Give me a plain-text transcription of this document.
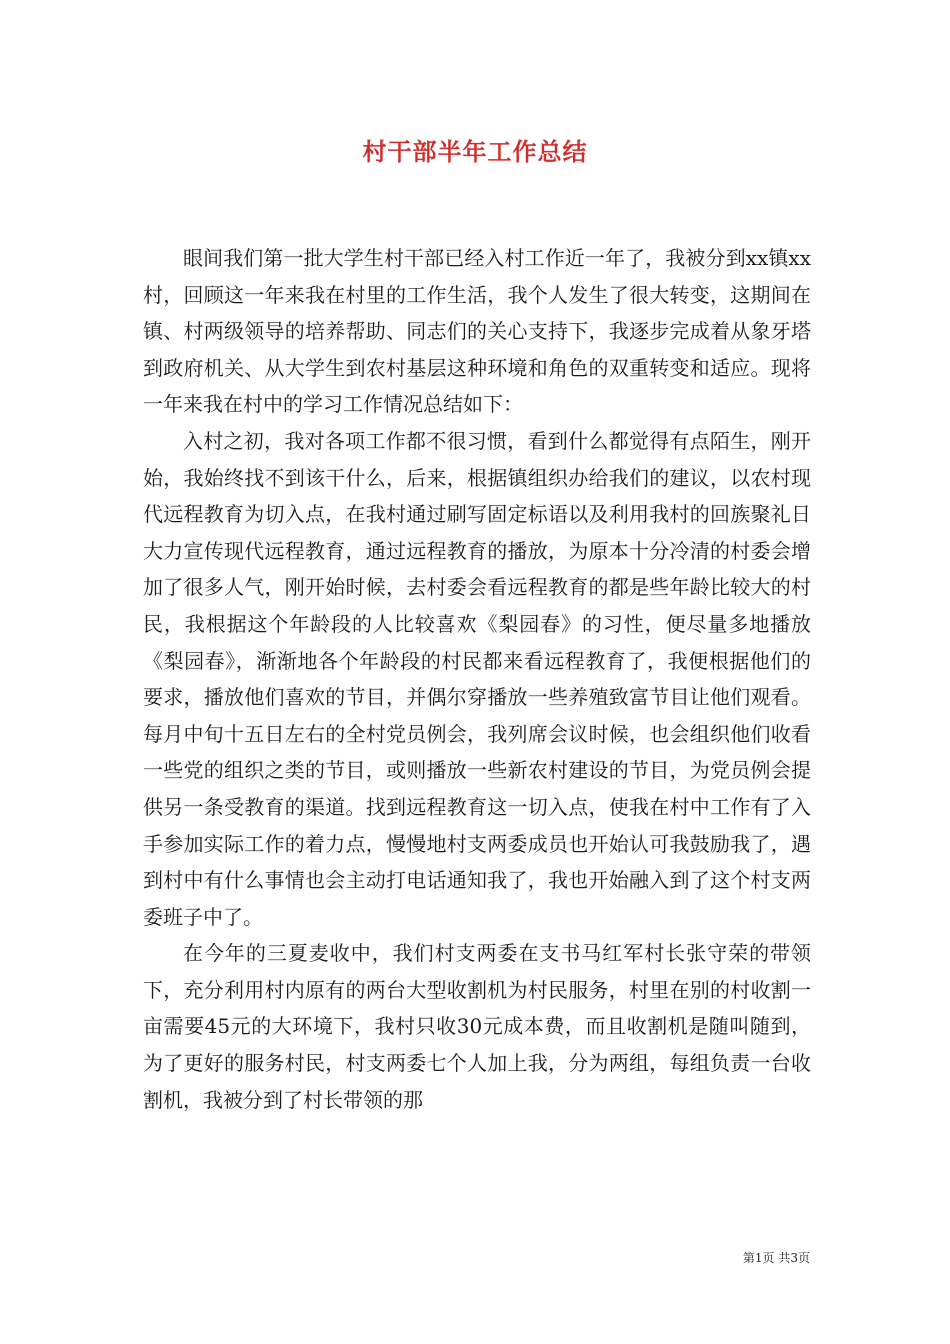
村干部半年工作总结

眼间我们第一批大学生村干部已经入村工作近一年了，我被分到xx镇xx村，回顾这一年来我在村里的工作生活，我个人发生了很大转变，这期间在镇、村两级领导的培养帮助、同志们的关心支持下，我逐步完成着从象牙塔到政府机关、从大学生到农村基层这种环境和角色的双重转变和适应。现将一年来我在村中的学习工作情况总结如下：

入村之初，我对各项工作都不很习惯，看到什么都觉得有点陌生，刚开始，我始终找不到该干什么，后来，根据镇组织办给我们的建议，以农村现代远程教育为切入点，在我村通过刷写固定标语以及利用我村的回族聚礼日大力宣传现代远程教育，通过远程教育的播放，为原本十分冷清的村委会增加了很多人气，刚开始时候，去村委会看远程教育的都是些年龄比较大的村民，我根据这个年龄段的人比较喜欢《梨园春》的习性，便尽量多地播放《梨园春》，渐渐地各个年龄段的村民都来看远程教育了，我便根据他们的要求，播放他们喜欢的节目，并偶尔穿播放一些养殖致富节目让他们观看。每月中旬十五日左右的全村党员例会，我列席会议时候，也会组织他们收看一些党的组织之类的节目，或则播放一些新农村建设的节目，为党员例会提供另一条受教育的渠道。找到远程教育这一切入点，使我在村中工作有了入手参加实际工作的着力点，慢慢地村支两委成员也开始认可我鼓励我了，遇到村中有什么事情也会主动打电话通知我了，我也开始融入到了这个村支两委班子中了。

在今年的三夏麦收中，我们村支两委在支书马红军村长张守荣的带领下，充分利用村内原有的两台大型收割机为村民服务，村里在别的村收割一亩需要45元的大环境下，我村只收30元成本费，而且收割机是随叫随到，为了更好的服务村民，村支两委七个人加上我，分为两组，每组负责一台收割机，我被分到了村长带领的那

第1页 共3页
